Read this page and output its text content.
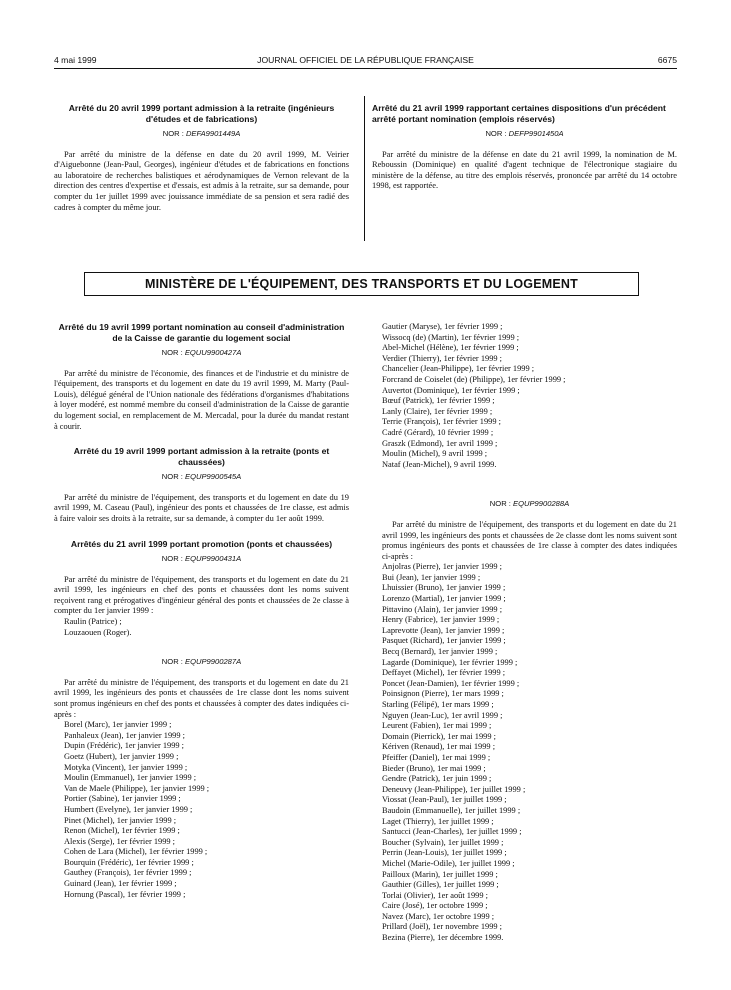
4 mai 1999	JOURNAL OFFICIEL DE LA RÉPUBLIQUE FRANÇAISE	6675
Arrêté du 20 avril 1999 portant admission à la retraite (ingénieurs d'études et de fabrications)
NOR : DEFA9901449A

Par arrêté du ministre de la défense en date du 20 avril 1999, M. Veirier d'Aiguebonne (Jean-Paul, Georges), ingénieur d'études et de fabrications en fonctions au laboratoire de recherches balistiques et aérodynamiques de Vernon relevant de la direction des centres d'expertise et d'essais, est admis à la retraite, sur sa demande, pour compter du 1er juillet 1999 avec jouissance immédiate de sa pension et sera radié des cadres à compter du même jour.

Arrêté du 21 avril 1999 rapportant certaines dispositions d'un précédent arrêté portant nomination (emplois réservés)
NOR : DEFP9901450A

Par arrêté du ministre de la défense en date du 21 avril 1999, la nomination de M. Reboussin (Dominique) en qualité d'agent technique de l'électronique stagiaire du ministère de la défense, au titre des emplois réservés, prononcée par arrêté du 14 octobre 1998, est rapportée.

MINISTÈRE DE L'ÉQUIPEMENT, DES TRANSPORTS ET DU LOGEMENT
Arrêté du 19 avril 1999 portant nomination au conseil d'administration de la Caisse de garantie du logement social
NOR : EQUU9900427A

Par arrêté du ministre de l'économie, des finances et de l'industrie et du ministre de l'équipement, des transports et du logement en date du 19 avril 1999, M. Marty (Paul-Louis), délégué général de l'Union nationale des fédérations d'organismes d'habitations à loyer modéré, est nommé membre du conseil d'administration de la Caisse de garantie du logement social, en remplacement de M. Mercadal, pour la durée du mandat restant à courir.

Arrêté du 19 avril 1999 portant admission à la retraite (ponts et chaussées)
NOR : EQUP9900545A

Par arrêté du ministre de l'équipement, des transports et du logement en date du 19 avril 1999, M. Caseau (Paul), ingénieur des ponts et chaussées de 1re classe, est admis à faire valoir ses droits à la retraite, sur sa demande, à compter du 1er août 1999.

Arrêtés du 21 avril 1999 portant promotion (ponts et chaussées)
NOR : EQUP9900431A

Par arrêté du ministre de l'équipement, des transports et du logement en date du 21 avril 1999, les ingénieurs en chef des ponts et chaussées dont les noms suivent reçoivent rang et prérogatives d'ingénieur général des ponts et chaussées de 2e classe à compter du 1er janvier 1999 :

Raulin (Patrice) ;
Louzaouen (Roger).
NOR : EQUP9900287A

Par arrêté du ministre de l'équipement, des transports et du logement en date du 21 avril 1999, les ingénieurs des ponts et chaussées de 1re classe dont les noms suivent sont promus ingénieurs en chef des ponts et chaussées à compter des dates indiquées ci-après :

Borel (Marc), 1er janvier 1999 ;
Panhaleux (Jean), 1er janvier 1999 ;
Dupin (Frédéric), 1er janvier 1999 ;
Goetz (Hubert), 1er janvier 1999 ;
Motyka (Vincent), 1er janvier 1999 ;
Moulin (Emmanuel), 1er janvier 1999 ;
Van de Maele (Philippe), 1er janvier 1999 ;
Portier (Sabine), 1er janvier 1999 ;
Humbert (Evelyne), 1er janvier 1999 ;
Pinet (Michel), 1er janvier 1999 ;
Renon (Michel), 1er février 1999 ;
Alexis (Serge), 1er février 1999 ;
Cohen de Lara (Michel), 1er février 1999 ;
Bourquin (Frédéric), 1er février 1999 ;
Gauthey (François), 1er février 1999 ;
Guinard (Jean), 1er février 1999 ;
Hornung (Pascal), 1er février 1999 ;
Gautier (Maryse), 1er février 1999 ;
Wissocq (de) (Martin), 1er février 1999 ;
Abel-Michel (Hélène), 1er février 1999 ;
Verdier (Thierry), 1er février 1999 ;
Chancelier (Jean-Philippe), 1er février 1999 ;
Forcrand de Coiselet (de) (Philippe), 1er février 1999 ;
Auvertot (Dominique), 1er février 1999 ;
Bœuf (Patrick), 1er février 1999 ;
Lanly (Claire), 1er février 1999 ;
Terrie (François), 1er février 1999 ;
Cadré (Gérard), 10 février 1999 ;
Graszk (Edmond), 1er avril 1999 ;
Moulin (Michel), 9 avril 1999 ;
Nataf (Jean-Michel), 9 avril 1999.
NOR : EQUP9900288A

Par arrêté du ministre de l'équipement, des transports et du logement en date du 21 avril 1999, les ingénieurs des ponts et chaussées de 2e classe dont les noms suivent sont promus ingénieurs des ponts et chaussées de 1re classe à compter des dates indiquées ci-après :

Anjolras (Pierre), 1er janvier 1999 ;
Bui (Jean), 1er janvier 1999 ;
Lhuissier (Bruno), 1er janvier 1999 ;
Lorenzo (Martial), 1er janvier 1999 ;
Pittavino (Alain), 1er janvier 1999 ;
Henry (Fabrice), 1er janvier 1999 ;
Laprevotte (Jean), 1er janvier 1999 ;
Pasquet (Richard), 1er janvier 1999 ;
Becq (Bernard), 1er janvier 1999 ;
Lagarde (Dominique), 1er février 1999 ;
Deffayet (Michel), 1er février 1999 ;
Poncet (Jean-Damien), 1er février 1999 ;
Poinsignon (Pierre), 1er mars 1999 ;
Starling (Félipé), 1er mars 1999 ;
Nguyen (Jean-Luc), 1er avril 1999 ;
Leurent (Fabien), 1er mai 1999 ;
Domain (Pierrick), 1er mai 1999 ;
Kériven (Renaud), 1er mai 1999 ;
Pfeiffer (Daniel), 1er mai 1999 ;
Bieder (Bruno), 1er mai 1999 ;
Gendre (Patrick), 1er juin 1999 ;
Deneuvy (Jean-Philippe), 1er juillet 1999 ;
Viossat (Jean-Paul), 1er juillet 1999 ;
Baudoin (Emmanuelle), 1er juillet 1999 ;
Laget (Thierry), 1er juillet 1999 ;
Santucci (Jean-Charles), 1er juillet 1999 ;
Boucher (Sylvain), 1er juillet 1999 ;
Perrin (Jean-Louis), 1er juillet 1999 ;
Michel (Marie-Odile), 1er juillet 1999 ;
Pailloux (Marin), 1er juillet 1999 ;
Gauthier (Gilles), 1er juillet 1999 ;
Torlai (Olivier), 1er août 1999 ;
Caire (José), 1er octobre 1999 ;
Navez (Marc), 1er octobre 1999 ;
Prillard (Joël), 1er novembre 1999 ;
Bezina (Pierre), 1er décembre 1999.
